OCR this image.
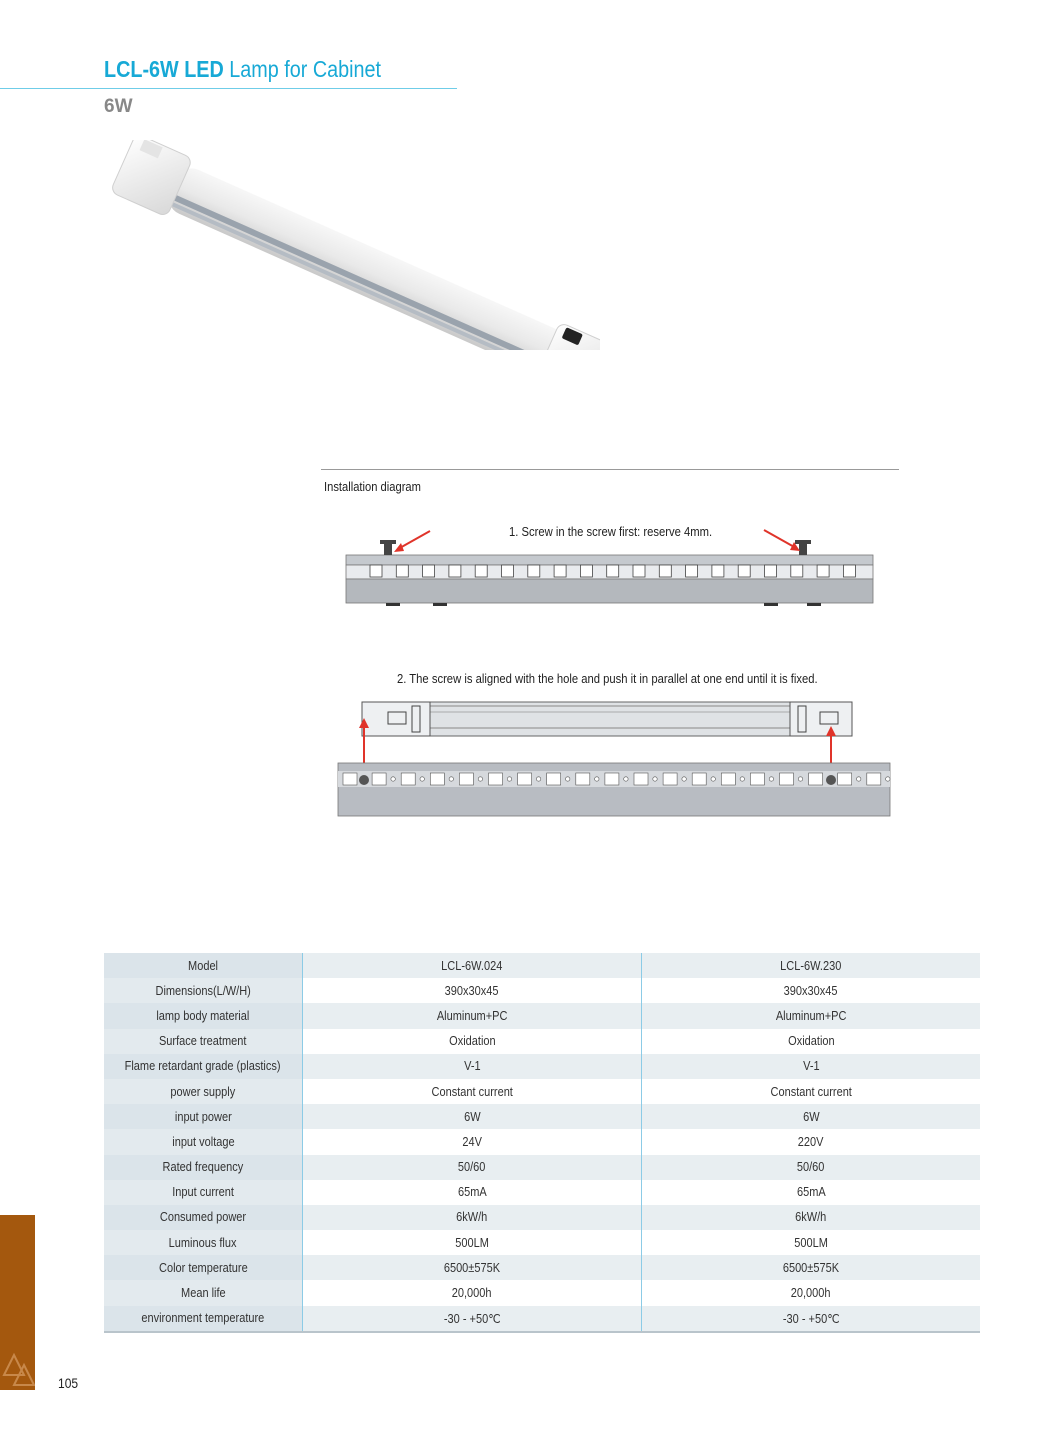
LCL-6W LED Lamp for Cabinet
6W
Installation diagram
1. Screw in the screw first: reserve 4mm.
2. The screw is aligned with the hole and push it in parallel at one end until it is fixed.
Model	LCL-6W.024	LCL-6W.230
Dimensions(L/W/H)	390x30x45	390x30x45
lamp body material	Aluminum+PC	Aluminum+PC
Surface treatment	Oxidation	Oxidation
Flame retardant grade (plastics)	V-1	V-1
power supply	Constant current	Constant current
input power	6W	6W
input voltage	24V	220V
Rated frequency	50/60	50/60
Input current	65mA	65mA
Consumed power	6kW/h	6kW/h
Luminous flux	500LM	500LM
Color temperature	6500±575K	6500±575K
Mean life	20,000h	20,000h
environment temperature	-30 - +50℃	-30 - +50℃
105
